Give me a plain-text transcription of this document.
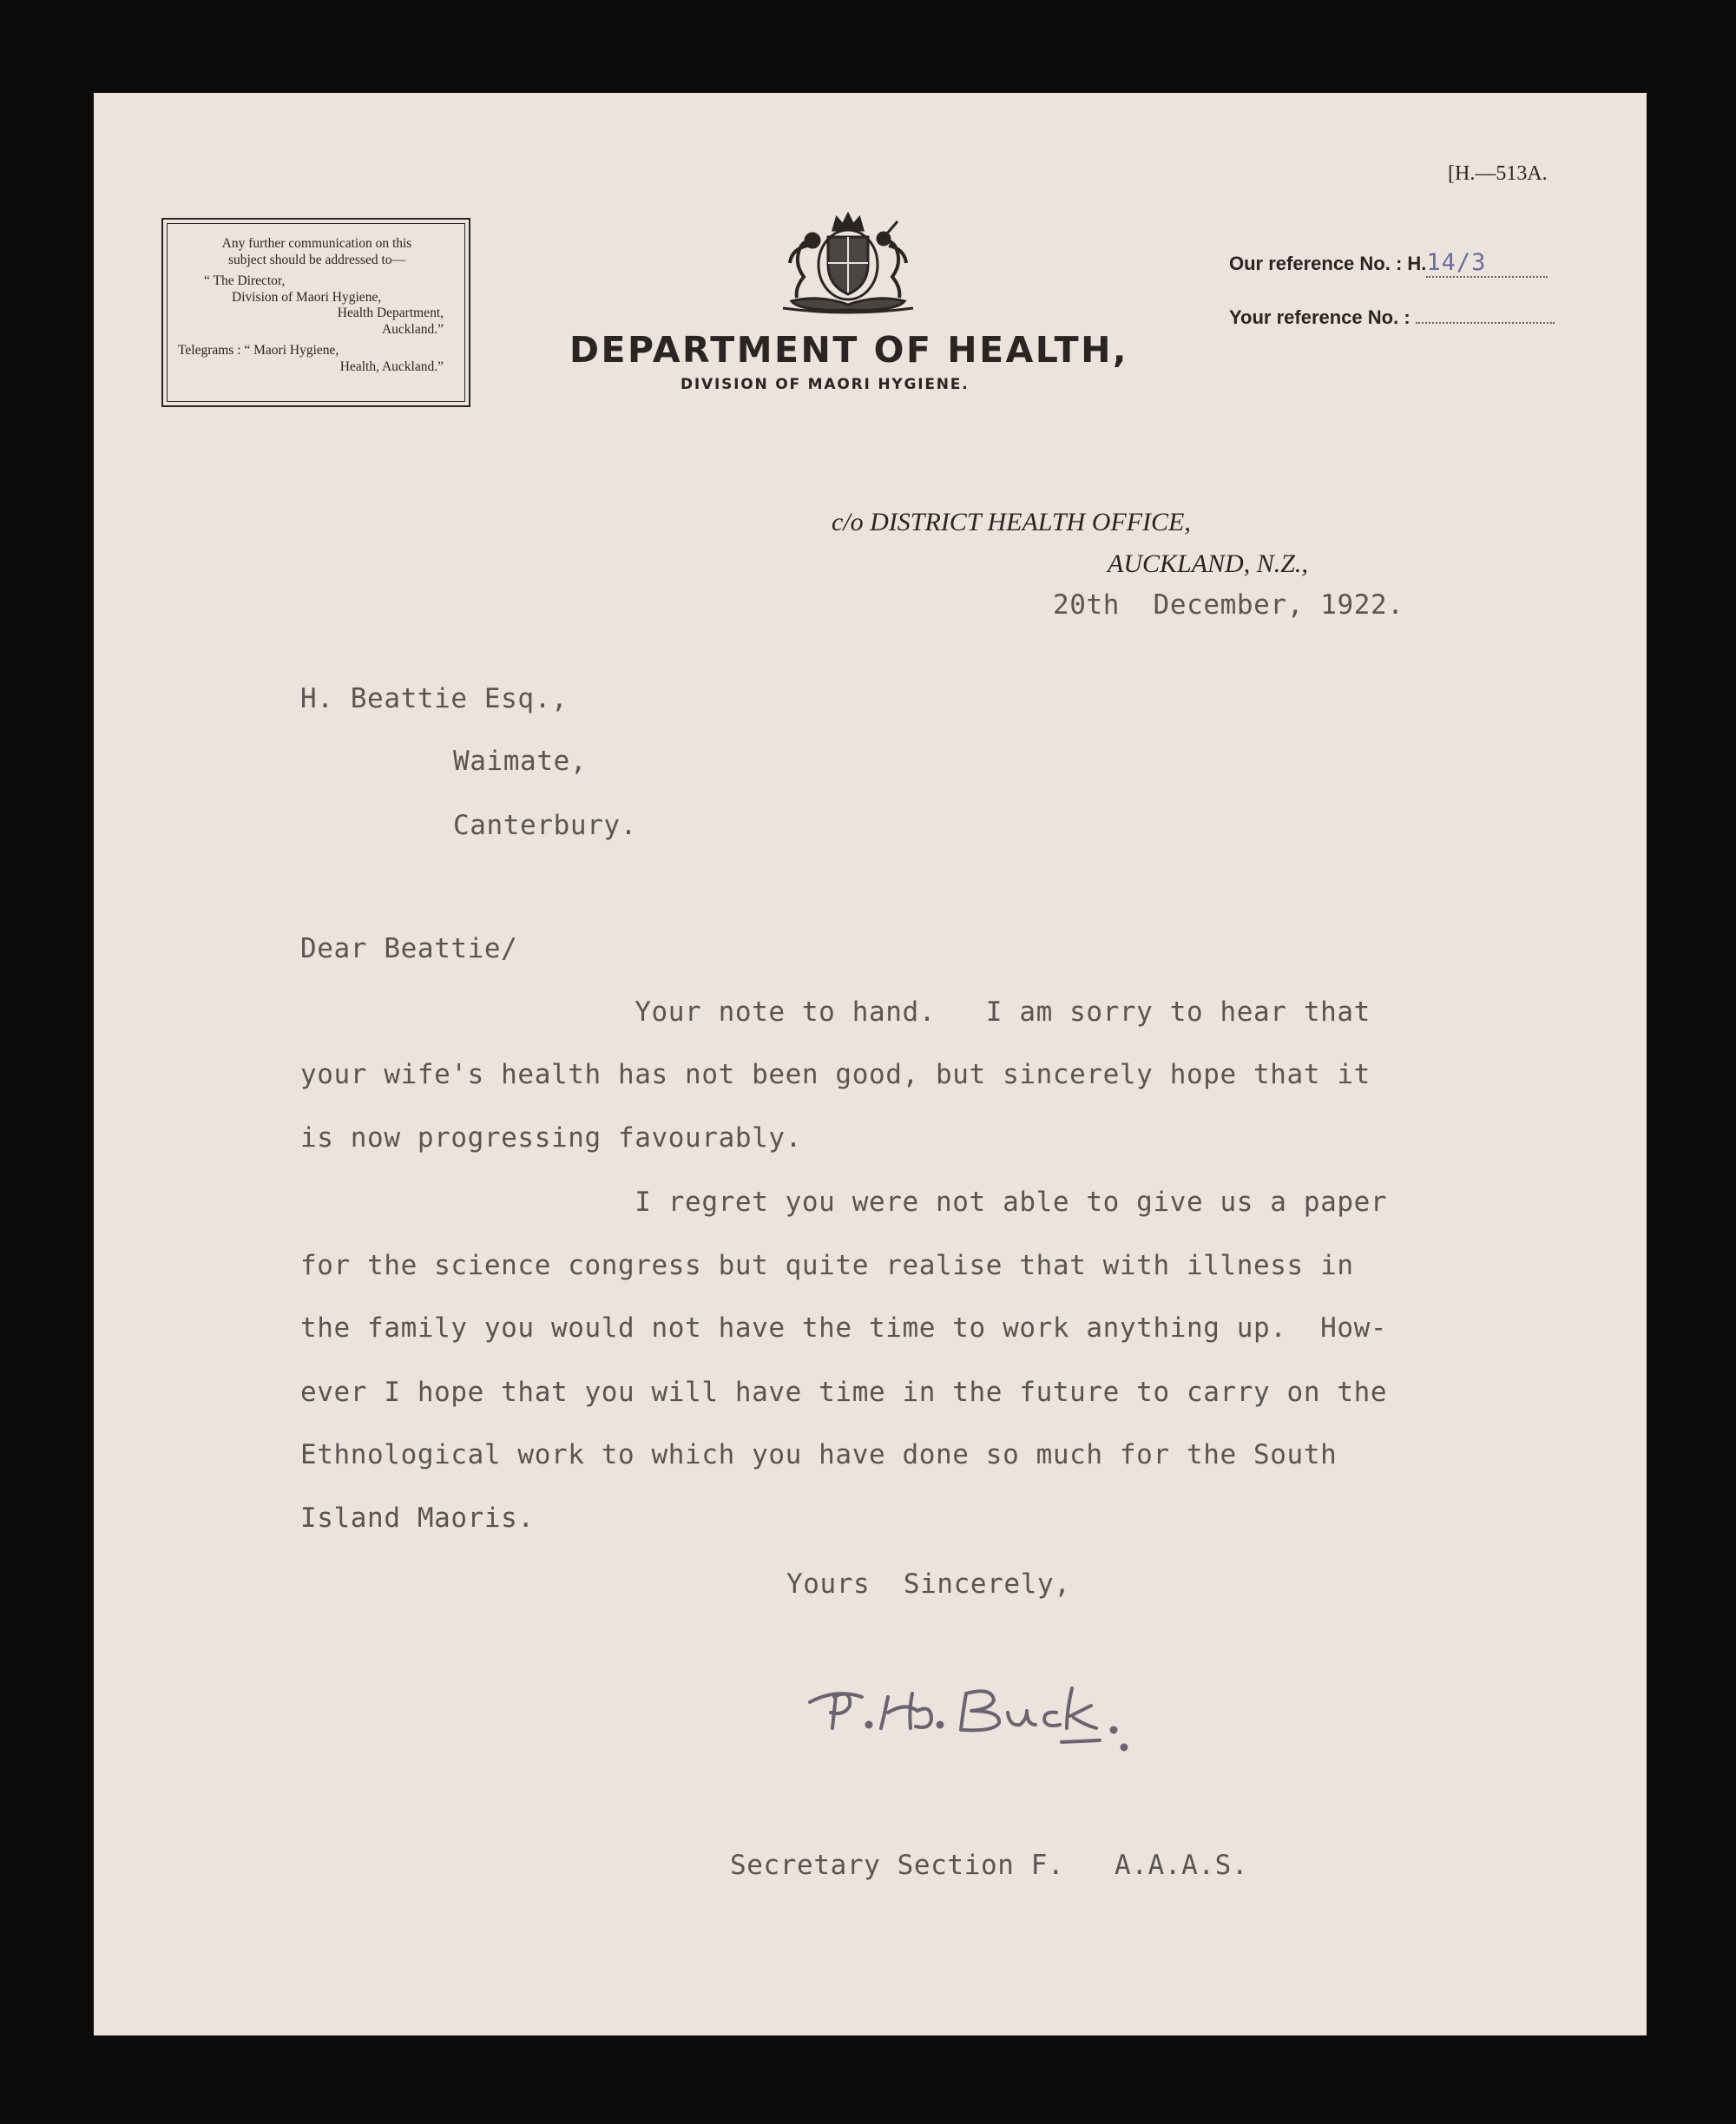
[H.—513A.
Any further communication on this
subject should be addressed to—
“ The Director,
Division of Maori Hygiene,
Health Department,
Auckland.”
Telegrams : “ Maori Hygiene,
Health, Auckland.”	DEPARTMENT OF HEALTH,
DIVISION OF MAORI HYGIENE.
Our reference No. : H.14/3
Your reference No. :
c/o DISTRICT HEALTH OFFICE,
AUCKLAND, N.Z.,
20th  December, 1922.
H. Beattie Esq.,
Waimate,
Canterbury.
Dear Beattie/
Your note to hand.   I am sorry to hear that
your wife's health has not been good, but sincerely hope that it
is now progressing favourably.
I regret you were not able to give us a paper
for the science congress but quite realise that with illness in
the family you would not have the time to work anything up.  How-
ever I hope that you will have time in the future to carry on the
Ethnological work to which you have done so much for the South
Island Maoris.
Yours  Sincerely,
Secretary Section F.   A.A.A.S.
